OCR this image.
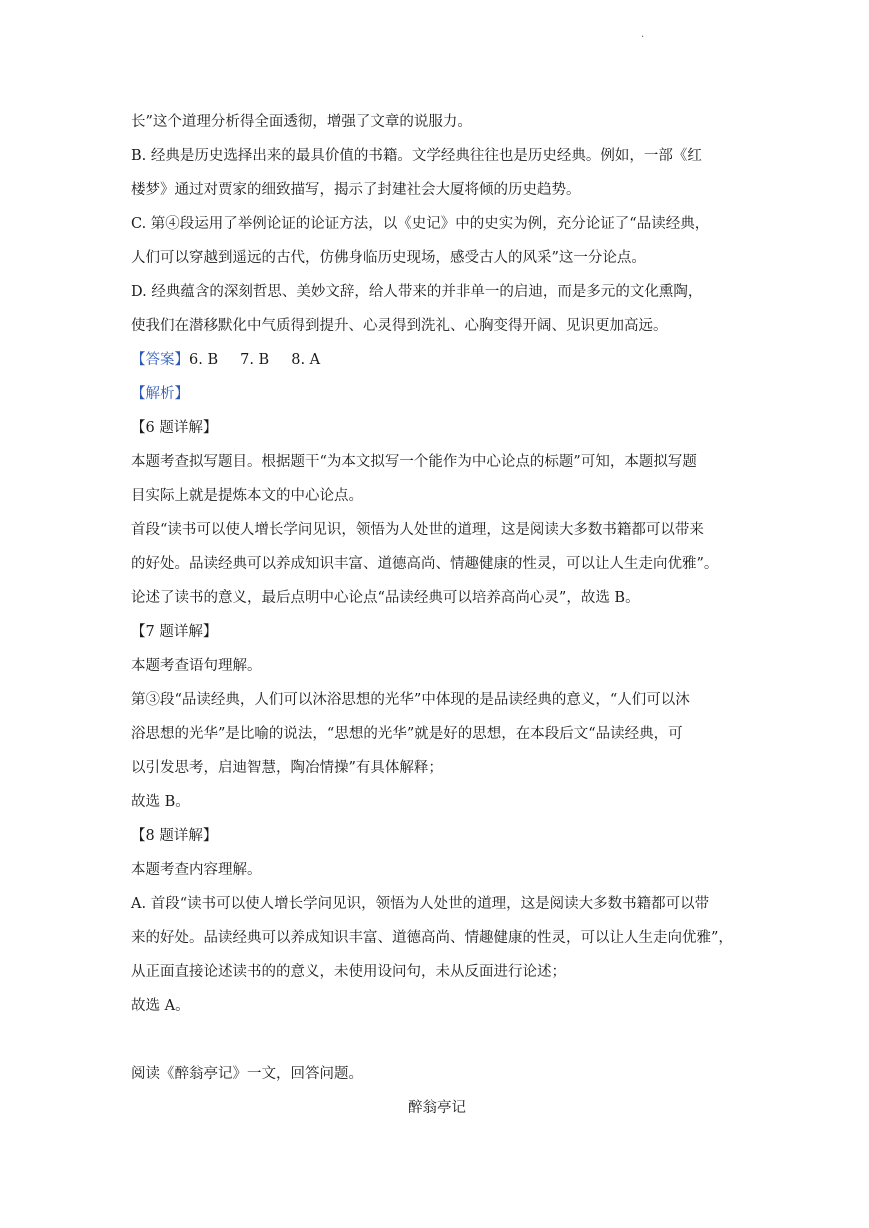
.
长”这个道理分析得全面透彻，增强了文章的说服力。
B. 经典是历史选择出来的最具价值的书籍。文学经典往往也是历史经典。例如，一部《红
楼梦》通过对贾家的细致描写，揭示了封建社会大厦将倾的历史趋势。
C. 第④段运用了举例论证的论证方法，以《史记》中的史实为例，充分论证了“品读经典，
人们可以穿越到遥远的古代，仿佛身临历史现场，感受古人的风采”这一分论点。
D. 经典蕴含的深刻哲思、美妙文辞，给人带来的并非单一的启迪，而是多元的文化熏陶，
使我们在潜移默化中气质得到提升、心灵得到洗礼、心胸变得开阔、见识更加高远。
【答案】6. B 7. B 8. A
【解析】
【6 题详解】
本题考查拟写题目。根据题干“为本文拟写一个能作为中心论点的标题”可知，本题拟写题
目实际上就是提炼本文的中心论点。
首段“读书可以使人增长学问见识，领悟为人处世的道理，这是阅读大多数书籍都可以带来
的好处。品读经典可以养成知识丰富、道德高尚、情趣健康的性灵，可以让人生走向优雅”。
论述了读书的意义，最后点明中心论点“品读经典可以培养高尚心灵”，故选 B。
【7 题详解】
本题考查语句理解。
第③段“品读经典，人们可以沐浴思想的光华”中体现的是品读经典的意义，“人们可以沐
浴思想的光华”是比喻的说法，“思想的光华”就是好的思想，在本段后文“品读经典，可
以引发思考，启迪智慧，陶冶情操”有具体解释；
故选 B。
【8 题详解】
本题考查内容理解。
A. 首段“读书可以使人增长学问见识，领悟为人处世的道理，这是阅读大多数书籍都可以带
来的好处。品读经典可以养成知识丰富、道德高尚、情趣健康的性灵，可以让人生走向优雅”，
从正面直接论述读书的的意义，未使用设问句，未从反面进行论述；
故选 A。
阅读《醉翁亭记》一文，回答问题。
醉翁亭记
